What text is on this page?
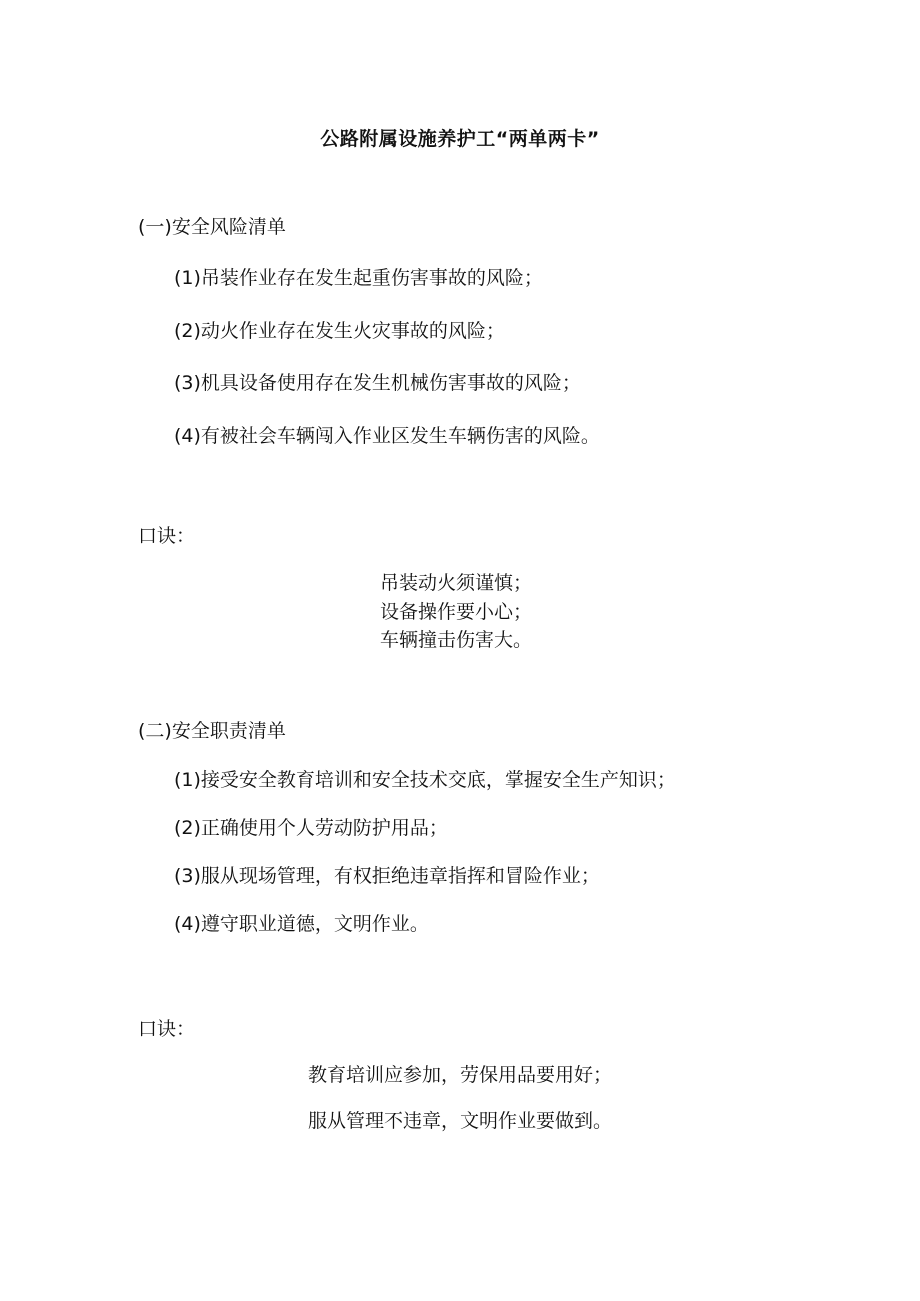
公路附属设施养护工“两单两卡”
(一)安全风险清单
(1)吊装作业存在发生起重伤害事故的风险；
(2)动火作业存在发生火灾事故的风险；
(3)机具设备使用存在发生机械伤害事故的风险；
(4)有被社会车辆闯入作业区发生车辆伤害的风险。
口诀：
吊装动火须谨慎；
设备操作要小心；
车辆撞击伤害大。
(二)安全职责清单
(1)接受安全教育培训和安全技术交底，掌握安全生产知识；
(2)正确使用个人劳动防护用品；
(3)服从现场管理，有权拒绝违章指挥和冒险作业；
(4)遵守职业道德，文明作业。
口诀：
教育培训应参加，劳保用品要用好；
服从管理不违章，文明作业要做到。
